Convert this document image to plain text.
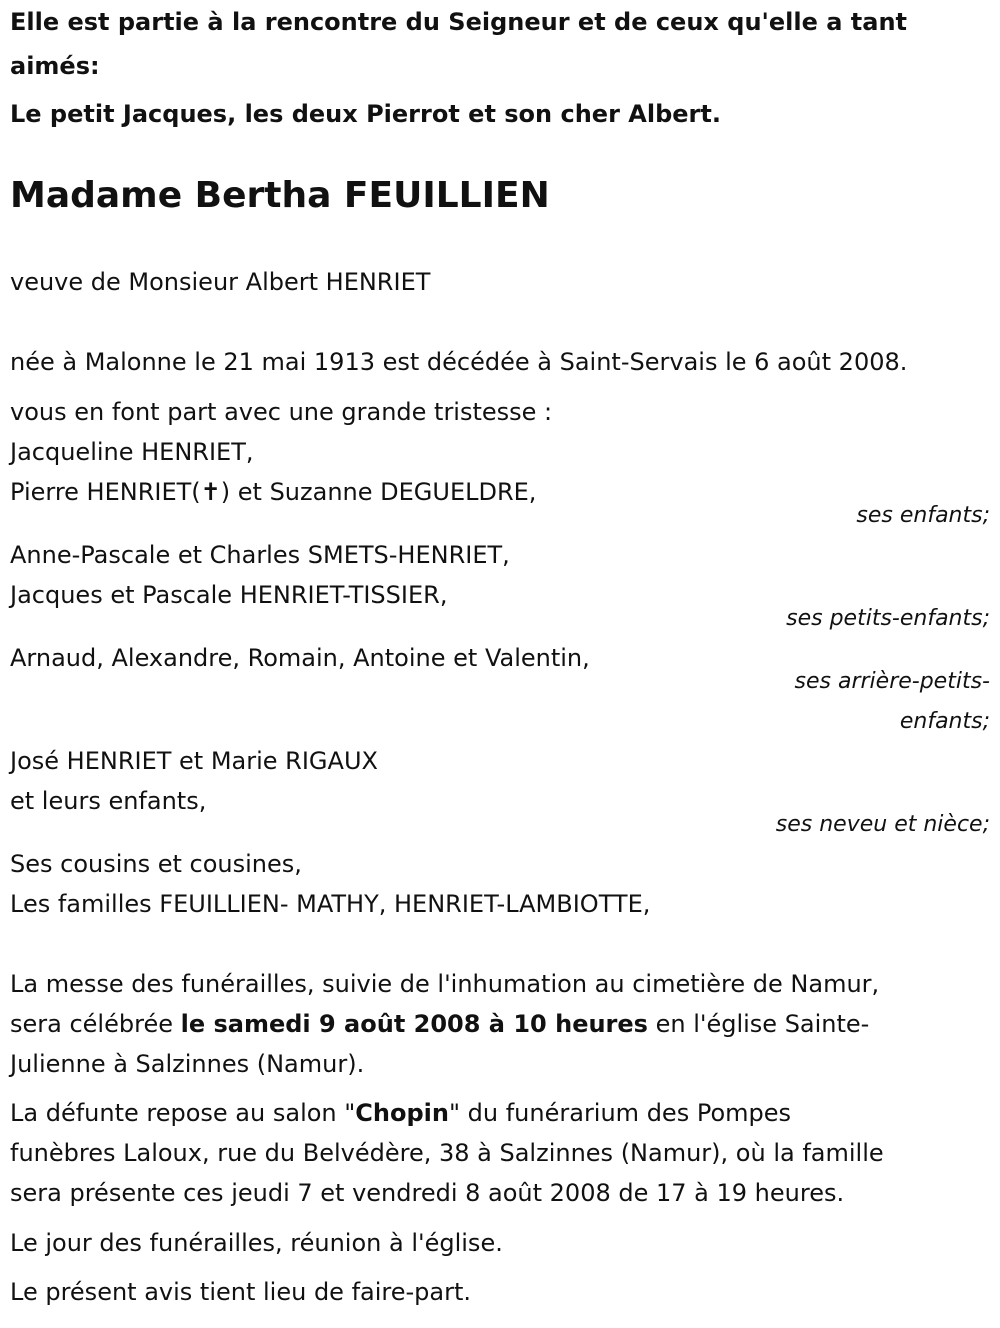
Elle est partie à la rencontre du Seigneur et de ceux qu'elle a tant

aimés:

Le petit Jacques, les deux Pierrot et son cher Albert.

Madame Bertha FEUILLIEN

veuve de Monsieur Albert HENRIET

née à Malonne le 21 mai 1913 est décédée à Saint-Servais le 6 août 2008.

vous en font part avec une grande tristesse :

Jacqueline HENRIET,

Pierre HENRIET(✝) et Suzanne DEGUELDRE,

ses enfants;

Anne-Pascale et Charles SMETS-HENRIET,

Jacques et Pascale HENRIET-TISSIER,

ses petits-enfants;

Arnaud, Alexandre, Romain, Antoine et Valentin,

ses arrière-petits-

enfants;

José HENRIET et Marie RIGAUX

et leurs enfants,

ses neveu et nièce;

Ses cousins et cousines,

Les familles FEUILLIEN- MATHY, HENRIET-LAMBIOTTE,

La messe des funérailles, suivie de l'inhumation au cimetière de Namur,

sera célébrée le samedi 9 août 2008 à 10 heures en l'église Sainte-

Julienne à Salzinnes (Namur).

La défunte repose au salon "Chopin" du funérarium des Pompes

funèbres Laloux, rue du Belvédère, 38 à Salzinnes (Namur), où la famille

sera présente ces jeudi 7 et vendredi 8 août 2008 de 17 à 19 heures.

Le jour des funérailles, réunion à l'église.

Le présent avis tient lieu de faire-part.
